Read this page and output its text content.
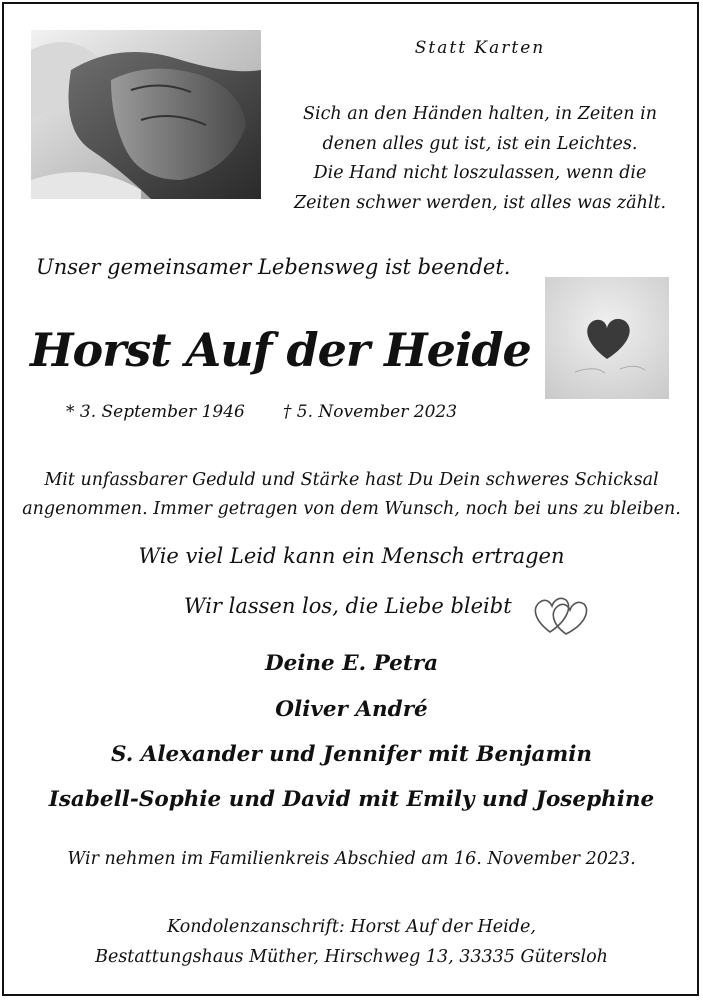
Statt Karten
Sich an den Händen halten, in Zeiten in
denen alles gut ist, ist ein Leichtes.
Die Hand nicht loszulassen, wenn die
Zeiten schwer werden, ist alles was zählt.
Unser gemeinsamer Lebensweg ist beendet.
Horst Auf der Heide
* 3. September 1946 † 5. November 2023
Mit unfassbarer Geduld und Stärke hast Du Dein schweres Schicksal
angenommen. Immer getragen von dem Wunsch, noch bei uns zu bleiben.
Wie viel Leid kann ein Mensch ertragen
Wir lassen los, die Liebe bleibt
Deine E. Petra
Oliver André
S. Alexander und Jennifer mit Benjamin
Isabell-Sophie und David mit Emily und Josephine
Wir nehmen im Familienkreis Abschied am 16. November 2023.
Kondolenzanschrift: Horst Auf der Heide,
Bestattungshaus Müther, Hirschweg 13, 33335 Gütersloh
